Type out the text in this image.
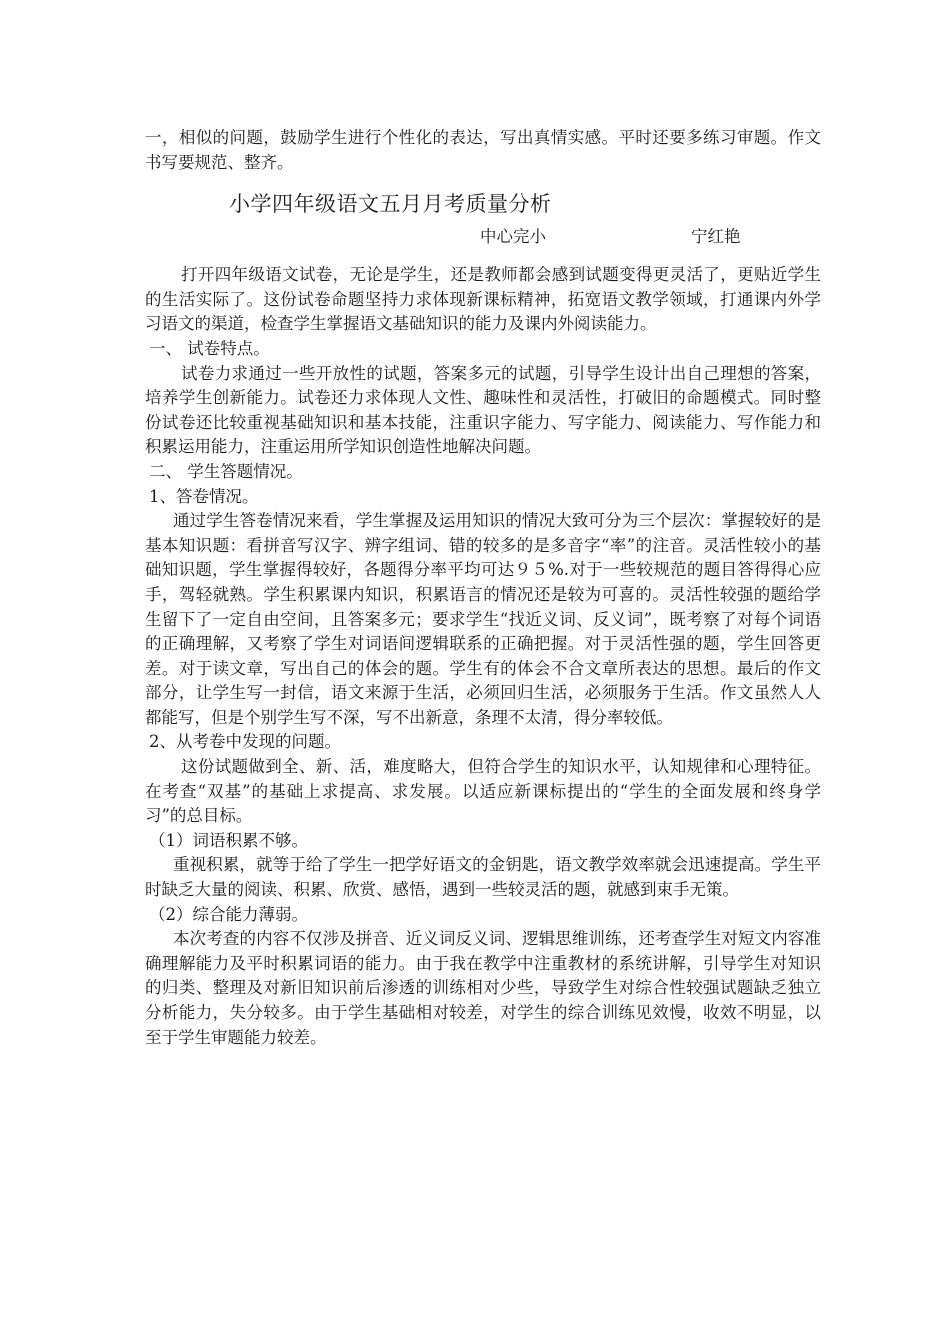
一，相似的问题，鼓励学生进行个性化的表达，写出真情实感。平时还要多练习审题。作文书写要规范、整齐。

小学四年级语文五月月考质量分析
中心完小	宁红艳

打开四年级语文试卷，无论是学生，还是教师都会感到试题变得更灵活了，更贴近学生的生活实际了。这份试卷命题坚持力求体现新课标精神，拓宽语文教学领域，打通课内外学习语文的渠道，检查学生掌握语文基础知识的能力及课内外阅读能力。

一、 试卷特点。

试卷力求通过一些开放性的试题，答案多元的试题，引导学生设计出自己理想的答案，培养学生创新能力。试卷还力求体现人文性、趣味性和灵活性，打破旧的命题模式。同时整份试卷还比较重视基础知识和基本技能，注重识字能力、写字能力、阅读能力、写作能力和积累运用能力，注重运用所学知识创造性地解决问题。

二、 学生答题情况。

1、答卷情况。

通过学生答卷情况来看，学生掌握及运用知识的情况大致可分为三个层次：掌握较好的是基本知识题：看拼音写汉字、辨字组词、错的较多的是多音字“率”的注音。灵活性较小的基础知识题，学生掌握得较好，各题得分率平均可达９５%.对于一些较规范的题目答得得心应手，驾轻就熟。学生积累课内知识，积累语言的情况还是较为可喜的。灵活性较强的题给学生留下了一定自由空间，且答案多元；要求学生“找近义词、反义词”，既考察了对每个词语的正确理解，又考察了学生对词语间逻辑联系的正确把握。对于灵活性强的题，学生回答更差。对于读文章，写出自己的体会的题。学生有的体会不合文章所表达的思想。最后的作文部分，让学生写一封信，语文来源于生活，必须回归生活，必须服务于生活。作文虽然人人都能写，但是个别学生写不深，写不出新意，条理不太清，得分率较低。

2、从考卷中发现的问题。

这份试题做到全、新、活，难度略大，但符合学生的知识水平，认知规律和心理特征。在考查“双基”的基础上求提高、求发展。以适应新课标提出的“学生的全面发展和终身学习”的总目标。

（1）词语积累不够。

重视积累，就等于给了学生一把学好语文的金钥匙，语文教学效率就会迅速提高。学生平时缺乏大量的阅读、积累、欣赏、感悟，遇到一些较灵活的题，就感到束手无策。

（2）综合能力薄弱。

本次考查的内容不仅涉及拼音、近义词反义词、逻辑思维训练，还考查学生对短文内容准确理解能力及平时积累词语的能力。由于我在教学中注重教材的系统讲解，引导学生对知识的归类、整理及对新旧知识前后渗透的训练相对少些，导致学生对综合性较强试题缺乏独立分析能力，失分较多。由于学生基础相对较差，对学生的综合训练见效慢，收效不明显，以至于学生审题能力较差。
